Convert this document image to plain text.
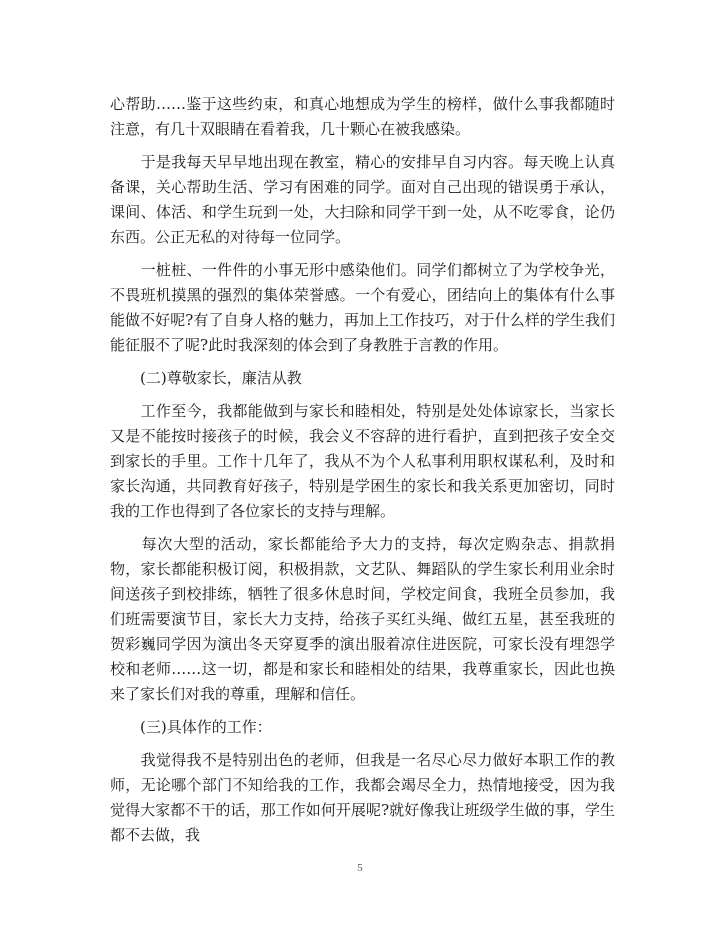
心帮助……鉴于这些约束，和真心地想成为学生的榜样，做什么事我都随时注意，有几十双眼睛在看着我，几十颗心在被我感染。

　　于是我每天早早地出现在教室，精心的安排早自习内容。每天晚上认真备课，关心帮助生活、学习有困难的同学。面对自己出现的错误勇于承认，课间、体活、和学生玩到一处，大扫除和同学干到一处，从不吃零食，论仍东西。公正无私的对待每一位同学。

　　一桩桩、一件件的小事无形中感染他们。同学们都树立了为学校争光，不畏班机摸黑的强烈的集体荣誉感。一个有爱心，团结向上的集体有什么事能做不好呢?有了自身人格的魅力，再加上工作技巧，对于什么样的学生我们能征服不了呢?此时我深刻的体会到了身教胜于言教的作用。

　　(二)尊敬家长，廉洁从教

　　工作至今，我都能做到与家长和睦相处，特别是处处体谅家长，当家长又是不能按时接孩子的时候，我会义不容辞的进行看护，直到把孩子安全交到家长的手里。工作十几年了，我从不为个人私事利用职权谋私利，及时和家长沟通，共同教育好孩子，特别是学困生的家长和我关系更加密切，同时我的工作也得到了各位家长的支持与理解。

　　每次大型的活动，家长都能给予大力的支持，每次定购杂志、捐款捐物，家长都能积极订阅，积极捐款，文艺队、舞蹈队的学生家长利用业余时间送孩子到校排练，牺牲了很多休息时间，学校定间食，我班全员参加，我们班需要演节目，家长大力支持，给孩子买红头绳、做红五星，甚至我班的贺彩巍同学因为演出冬天穿夏季的演出服着凉住进医院，可家长没有埋怨学校和老师……这一切，都是和家长和睦相处的结果，我尊重家长，因此也换来了家长们对我的尊重，理解和信任。

　　(三)具体作的工作：

　　我觉得我不是特别出色的老师，但我是一名尽心尽力做好本职工作的教师，无论哪个部门不知给我的工作，我都会竭尽全力，热情地接受，因为我觉得大家都不干的话，那工作如何开展呢?就好像我让班级学生做的事，学生都不去做，我

5
